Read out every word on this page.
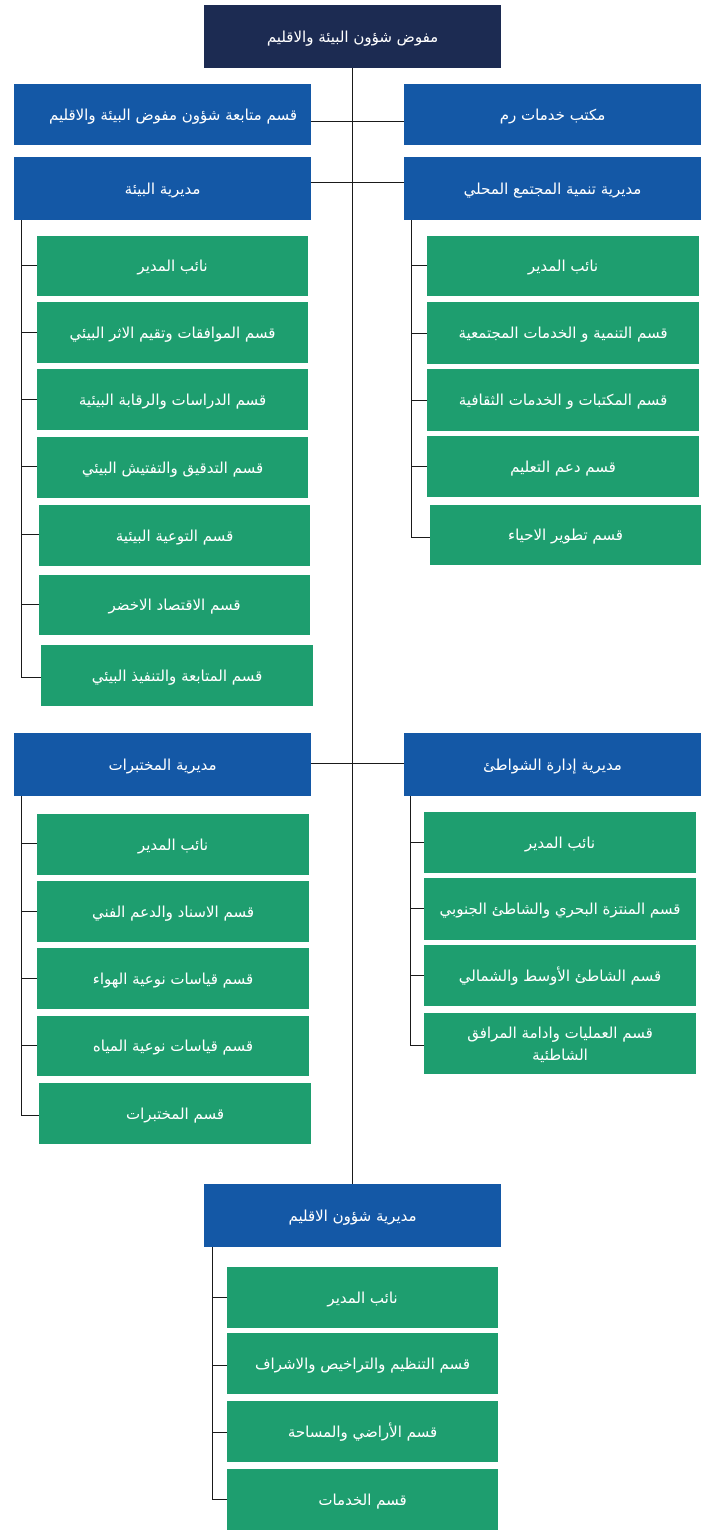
مفوض شؤون البيئة والاقليم
قسم متابعة شؤون مفوض البيئة والاقليم	مكتب خدمات رم
مديرية البيئة
نائب المدير
قسم الموافقات وتقيم الاثر البيئي
قسم الدراسات والرقابة البيئية
قسم التدقيق والتفتيش البيئي
قسم التوعية البيئية
قسم الاقتصاد الاخضر
قسم المتابعة والتنفيذ البيئي
مديرية تنمية المجتمع المحلي
نائب المدير
قسم التنمية و الخدمات المجتمعية
قسم المكتبات و الخدمات الثقافية
قسم دعم التعليم
قسم تطوير الاحياء
مديرية المختبرات
نائب المدير
قسم الاسناد والدعم الفني
قسم قياسات نوعية الهواء
قسم قياسات نوعية المياه
قسم المختبرات
مديرية إدارة الشواطئ
نائب المدير
قسم المنتزة البحري والشاطئ الجنوبي
قسم الشاطئ الأوسط والشمالي
قسم العمليات وادامة المرافق الشاطئية
مديرية شؤون الاقليم
نائب المدير
قسم التنظيم والتراخيص والاشراف
قسم الأراضي والمساحة
قسم الخدمات
